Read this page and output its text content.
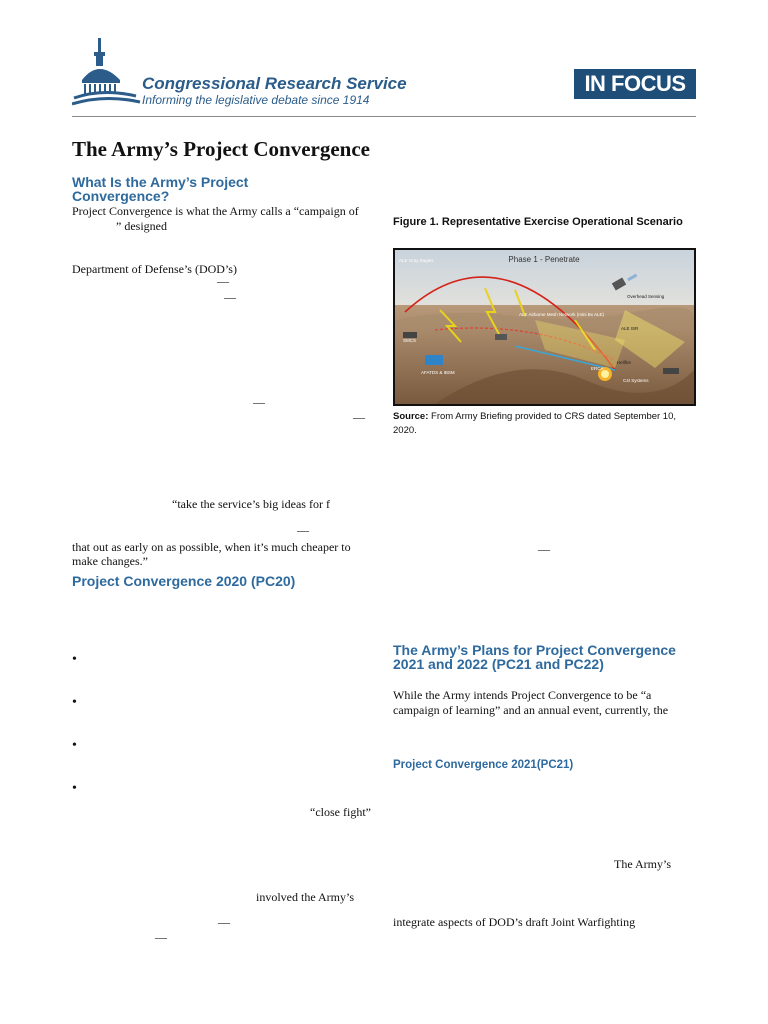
Congressional Research Service
Informing the legislative debate since 1914
IN FOCUS
The Army’s Project Convergence
What Is the Army’s Project Convergence?
Project Convergence is what the Army calls a “campaign of
” designed
Department of Defense’s (DOD’s)
—
—
—
—
“take the service’s big ideas for f
—
that out as early on as possible, when it’s much cheaper to
make changes.”
Project Convergence 2020 (PC20)
•
•
•
•
“close fight”
involved the Army’s
—
—
Figure 1. Representative Exercise Operational Scenario
Phase 1 - Penetrate
ALE Gray Eagles
Overhead Sensing
ALE Airborne Mesh Network (mini Bx ALE)
ALE ISR
SMCS
AFATDS & IBSM
ERCA
Hellfire
C4I Systems
Source: From Army Briefing provided to CRS dated September 10, 2020.
—
The Army’s Plans for Project Convergence 2021 and 2022 (PC21 and PC22)
While the Army intends Project Convergence to be “a
campaign of learning” and an annual event, currently, the
Project Convergence 2021(PC21)
The Army’s
integrate aspects of DOD’s draft Joint Warfighting
